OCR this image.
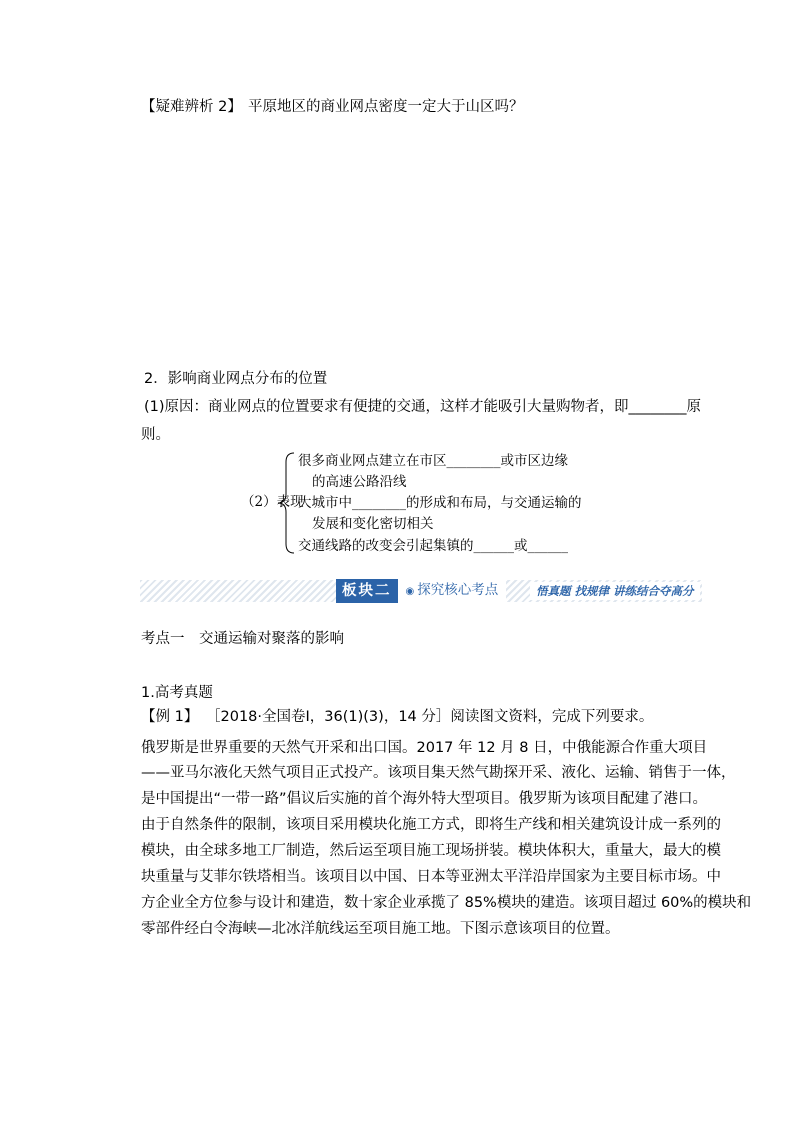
【疑难辨析 2】 平原地区的商业网点密度一定大于山区吗？
2．影响商业网点分布的位置
(1)原因：商业网点的位置要求有便捷的交通，这样才能吸引大量购物者，即________原
则。
（2）表现
很多商业网点建立在市区________或市区边缘
的高速公路沿线
大城市中________的形成和布局，与交通运输的
发展和变化密切相关
交通线路的改变会引起集镇的______或______
板块二	◉ 探究核心考点	悟真题 找规律 讲练结合夺高分
考点一　交通运输对聚落的影响
1.高考真题
【例 1】 ［2018·全国卷Ⅰ，36(1)(3)，14 分］阅读图文资料，完成下列要求。
俄罗斯是世界重要的天然气开采和出口国。2017 年 12 月 8 日，中俄能源合作重大项目
——亚马尔液化天然气项目正式投产。该项目集天然气勘探开采、液化、运输、销售于一体，
是中国提出“一带一路”倡议后实施的首个海外特大型项目。俄罗斯为该项目配建了港口。
由于自然条件的限制，该项目采用模块化施工方式，即将生产线和相关建筑设计成一系列的
模块，由全球多地工厂制造，然后运至项目施工现场拼装。模块体积大，重量大，最大的模
块重量与艾菲尔铁塔相当。该项目以中国、日本等亚洲太平洋沿岸国家为主要目标市场。中
方企业全方位参与设计和建造，数十家企业承揽了 85%模块的建造。该项目超过 60%的模块和
零部件经白令海峡—北冰洋航线运至项目施工地。下图示意该项目的位置。
